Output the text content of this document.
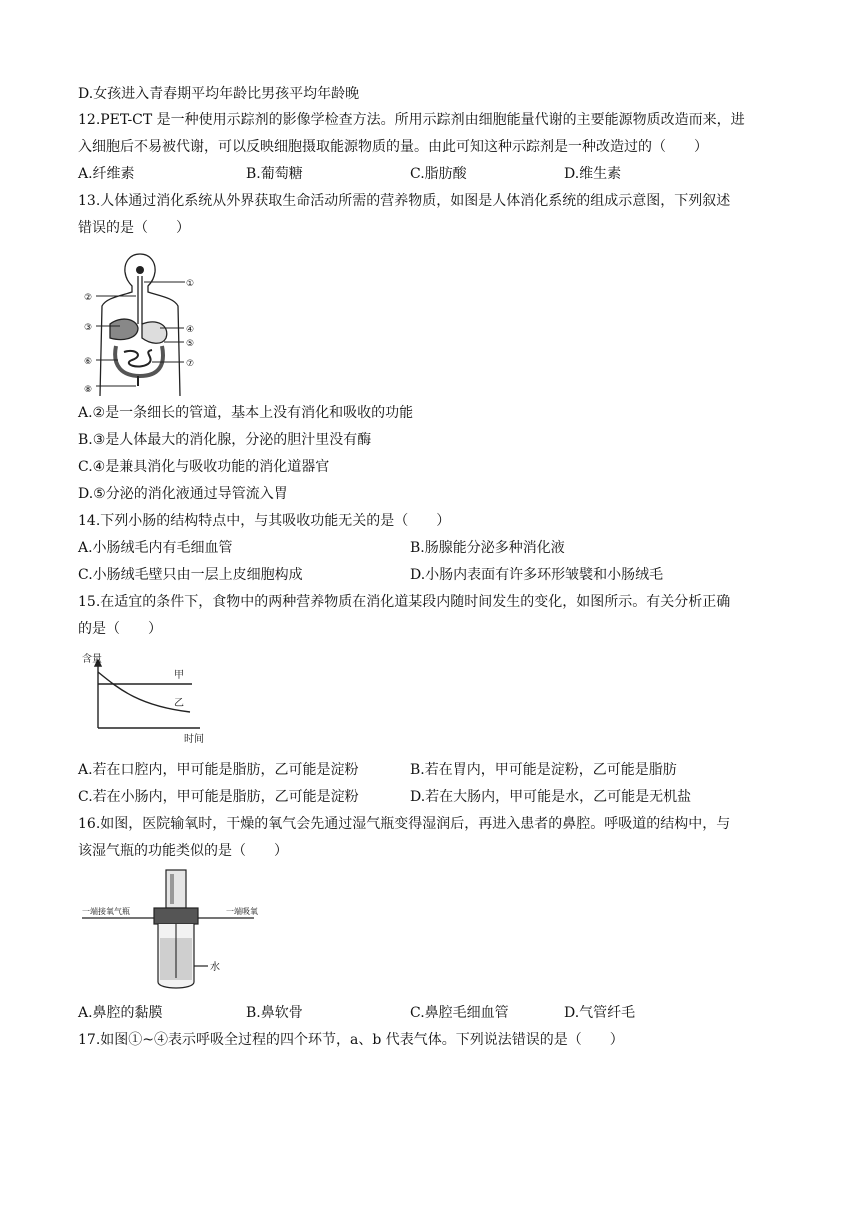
D.女孩进入青春期平均年龄比男孩平均年龄晚
12.PET-CT 是一种使用示踪剂的影像学检查方法。所用示踪剂由细胞能量代谢的主要能源物质改造而来，进
入细胞后不易被代谢，可以反映细胞摄取能源物质的量。由此可知这种示踪剂是一种改造过的（　　）
A.纤维素	B.葡萄糖	C.脂肪酸	D.维生素
13.人体通过消化系统从外界获取生命活动所需的营养物质，如图是人体消化系统的组成示意图，下列叙述
错误的是（　　）
①
②
③	④
⑤
⑥	⑦
⑧
A.②是一条细长的管道，基本上没有消化和吸收的功能
B.③是人体最大的消化腺，分泌的胆汁里没有酶
C.④是兼具消化与吸收功能的消化道器官
D.⑤分泌的消化液通过导管流入胃
14.下列小肠的结构特点中，与其吸收功能无关的是（　　）
A.小肠绒毛内有毛细血管	B.肠腺能分泌多种消化液
C.小肠绒毛壁只由一层上皮细胞构成	D.小肠内表面有许多环形皱襞和小肠绒毛
15.在适宜的条件下，食物中的两种营养物质在消化道某段内随时间发生的变化，如图所示。有关分析正确
的是（　　）
含量
甲
乙
时间
A.若在口腔内，甲可能是脂肪，乙可能是淀粉	B.若在胃内，甲可能是淀粉，乙可能是脂肪
C.若在小肠内，甲可能是脂肪，乙可能是淀粉	D.若在大肠内，甲可能是水，乙可能是无机盐
16.如图，医院输氧时，干燥的氧气会先通过湿气瓶变得湿润后，再进入患者的鼻腔。呼吸道的结构中，与
该湿气瓶的功能类似的是（　　）
一端接氧气瓶	一端吸氧
水
A.鼻腔的黏膜	B.鼻软骨	C.鼻腔毛细血管	D.气管纤毛
17.如图①~④表示呼吸全过程的四个环节，a、b 代表气体。下列说法错误的是（　　）
